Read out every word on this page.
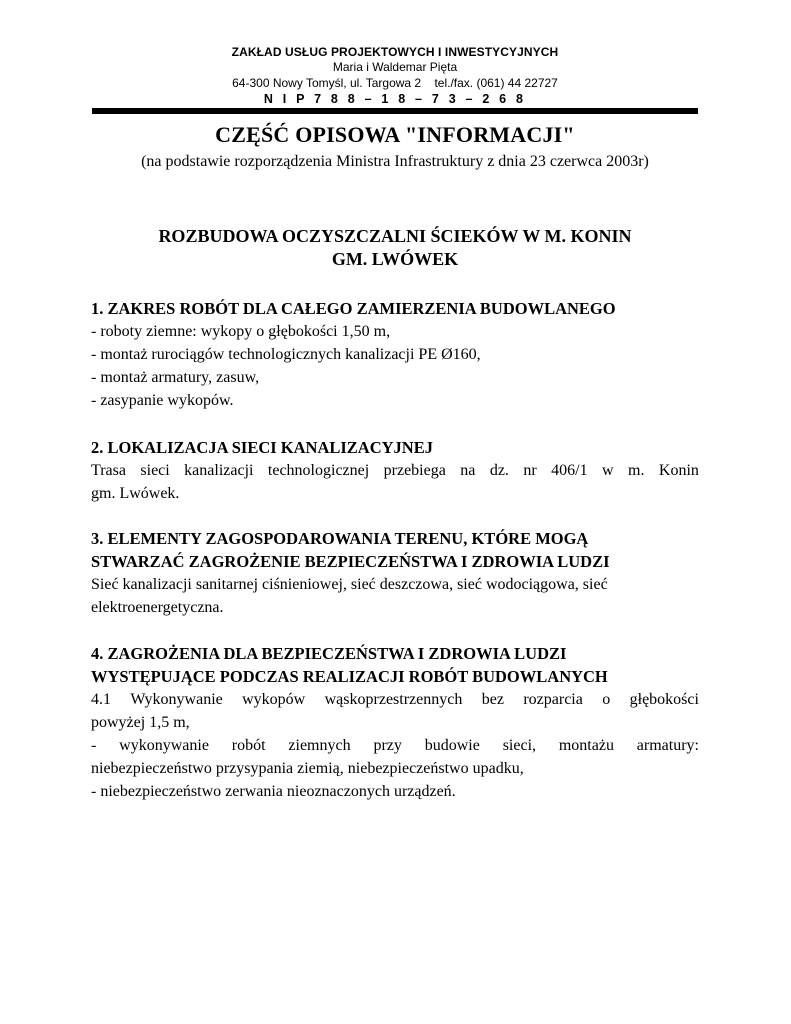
ZAKŁAD USŁUG PROJEKTOWYCH I INWESTYCYJNYCH
Maria i Waldemar Pięta
64-300 Nowy Tomyśl, ul. Targowa 2    tel./fax. (061) 44 22727
N I P 7 8 8 – 1 8 – 7 3 – 2 6 8
CZĘŚĆ OPISOWA "INFORMACJI"
(na podstawie rozporządzenia Ministra Infrastruktury z dnia 23 czerwca 2003r)
ROZBUDOWA OCZYSZCZALNI ŚCIEKÓW W M. KONIN
GM. LWÓWEK
1. ZAKRES ROBÓT DLA CAŁEGO ZAMIERZENIA BUDOWLANEGO
- roboty ziemne: wykopy o głębokości 1,50 m,
- montaż rurociągów technologicznych kanalizacji PE Ø160,
- montaż armatury, zasuw,
- zasypanie wykopów.
2. LOKALIZACJA SIECI KANALIZACYJNEJ
Trasa sieci kanalizacji technologicznej przebiega na dz. nr 406/1 w m. Konin
gm. Lwówek.
3. ELEMENTY ZAGOSPODAROWANIA TERENU, KTÓRE MOGĄ
STWARZAĆ ZAGROŻENIE BEZPIECZEŃSTWA I ZDROWIA LUDZI
Sieć kanalizacji sanitarnej ciśnieniowej, sieć deszczowa, sieć wodociągowa, sieć
elektroenergetyczna.
4. ZAGROŻENIA DLA BEZPIECZEŃSTWA I ZDROWIA LUDZI
WYSTĘPUJĄCE PODCZAS REALIZACJI ROBÓT BUDOWLANYCH
4.1 Wykonywanie wykopów wąskoprzestrzennych bez rozparcia o głębokości
powyżej 1,5 m,
- wykonywanie robót ziemnych przy budowie sieci, montażu armatury:
niebezpieczeństwo przysypania ziemią, niebezpieczeństwo upadku,
- niebezpieczeństwo zerwania nieoznaczonych urządzeń.
